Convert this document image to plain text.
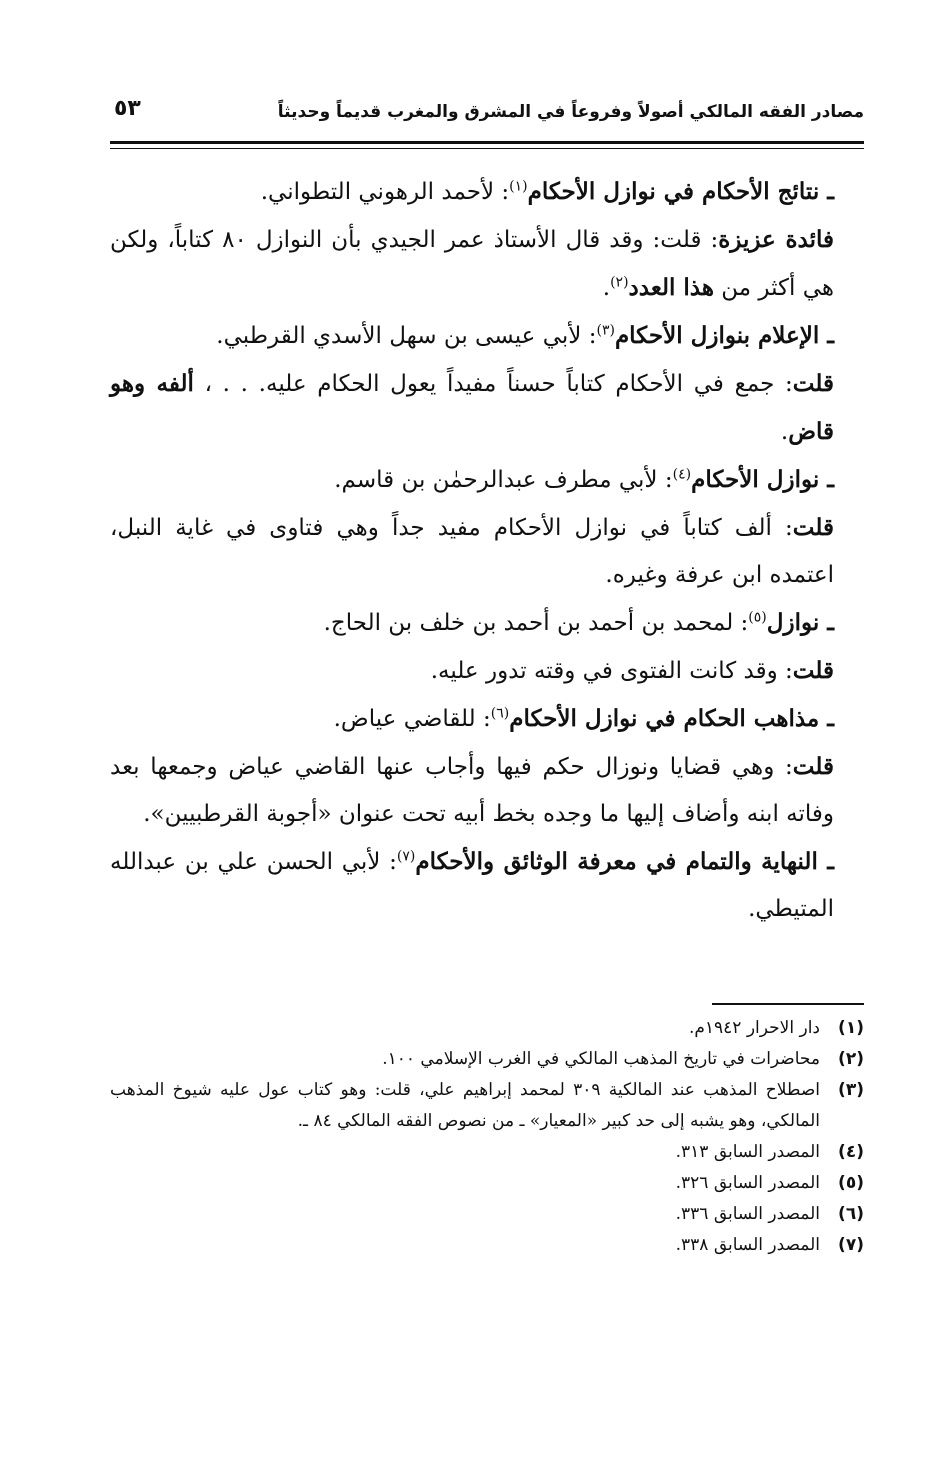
مصادر الفقه المالكي أصولاً وفروعاً في المشرق والمغرب قديماً وحديثاً
٥٣

ـ نتائج الأحكام في نوازل الأحكام$^{(١)}$: لأحمد الرهوني التطواني.

فائدة عزيزة: قلت: وقد قال الأستاذ عمر الجيدي بأن النوازل ٨٠ كتاباً، ولكن هي أكثر من هذا العدد$^{(٢)}$.

ـ الإعلام بنوازل الأحكام$^{(٣)}$: لأبي عيسى بن سهل الأسدي القرطبي.

قلت: جمع في الأحكام كتاباً حسناً مفيداً يعول الحكام عليه. . . ، ألفه وهو قاض.

ـ نوازل الأحكام$^{(٤)}$: لأبي مطرف عبدالرحمٰن بن قاسم.

قلت: ألف كتاباً في نوازل الأحكام مفيد جداً وهي فتاوى في غاية النبل، اعتمده ابن عرفة وغيره.

ـ نوازل$^{(٥)}$: لمحمد بن أحمد بن أحمد بن خلف بن الحاج.

قلت: وقد كانت الفتوى في وقته تدور عليه.

ـ مذاهب الحكام في نوازل الأحكام$^{(٦)}$: للقاضي عياض.

قلت: وهي قضايا ونوزال حكم فيها وأجاب عنها القاضي عياض وجمعها بعد وفاته ابنه وأضاف إليها ما وجده بخط أبيه تحت عنوان «أجوبة القرطبيين».

ـ النهاية والتمام في معرفة الوثائق والأحكام$^{(٧)}$: لأبي الحسن علي بن عبدالله المتيطي.

(١)
دار الاحرار ١٩٤٢م.
(٢)
محاضرات في تاريخ المذهب المالكي في الغرب الإسلامي ١٠٠.
(٣)
اصطلاح المذهب عند المالكية ٣٠٩ لمحمد إبراهيم علي، قلت: وهو كتاب عول عليه شيوخ المذهب المالكي، وهو يشبه إلى حد كبير «المعيار» ـ من نصوص الفقه المالكي ٨٤ ـ.
(٤)
المصدر السابق ٣١٣.
(٥)
المصدر السابق ٣٢٦.
(٦)
المصدر السابق ٣٣٦.
(٧)
المصدر السابق ٣٣٨.
